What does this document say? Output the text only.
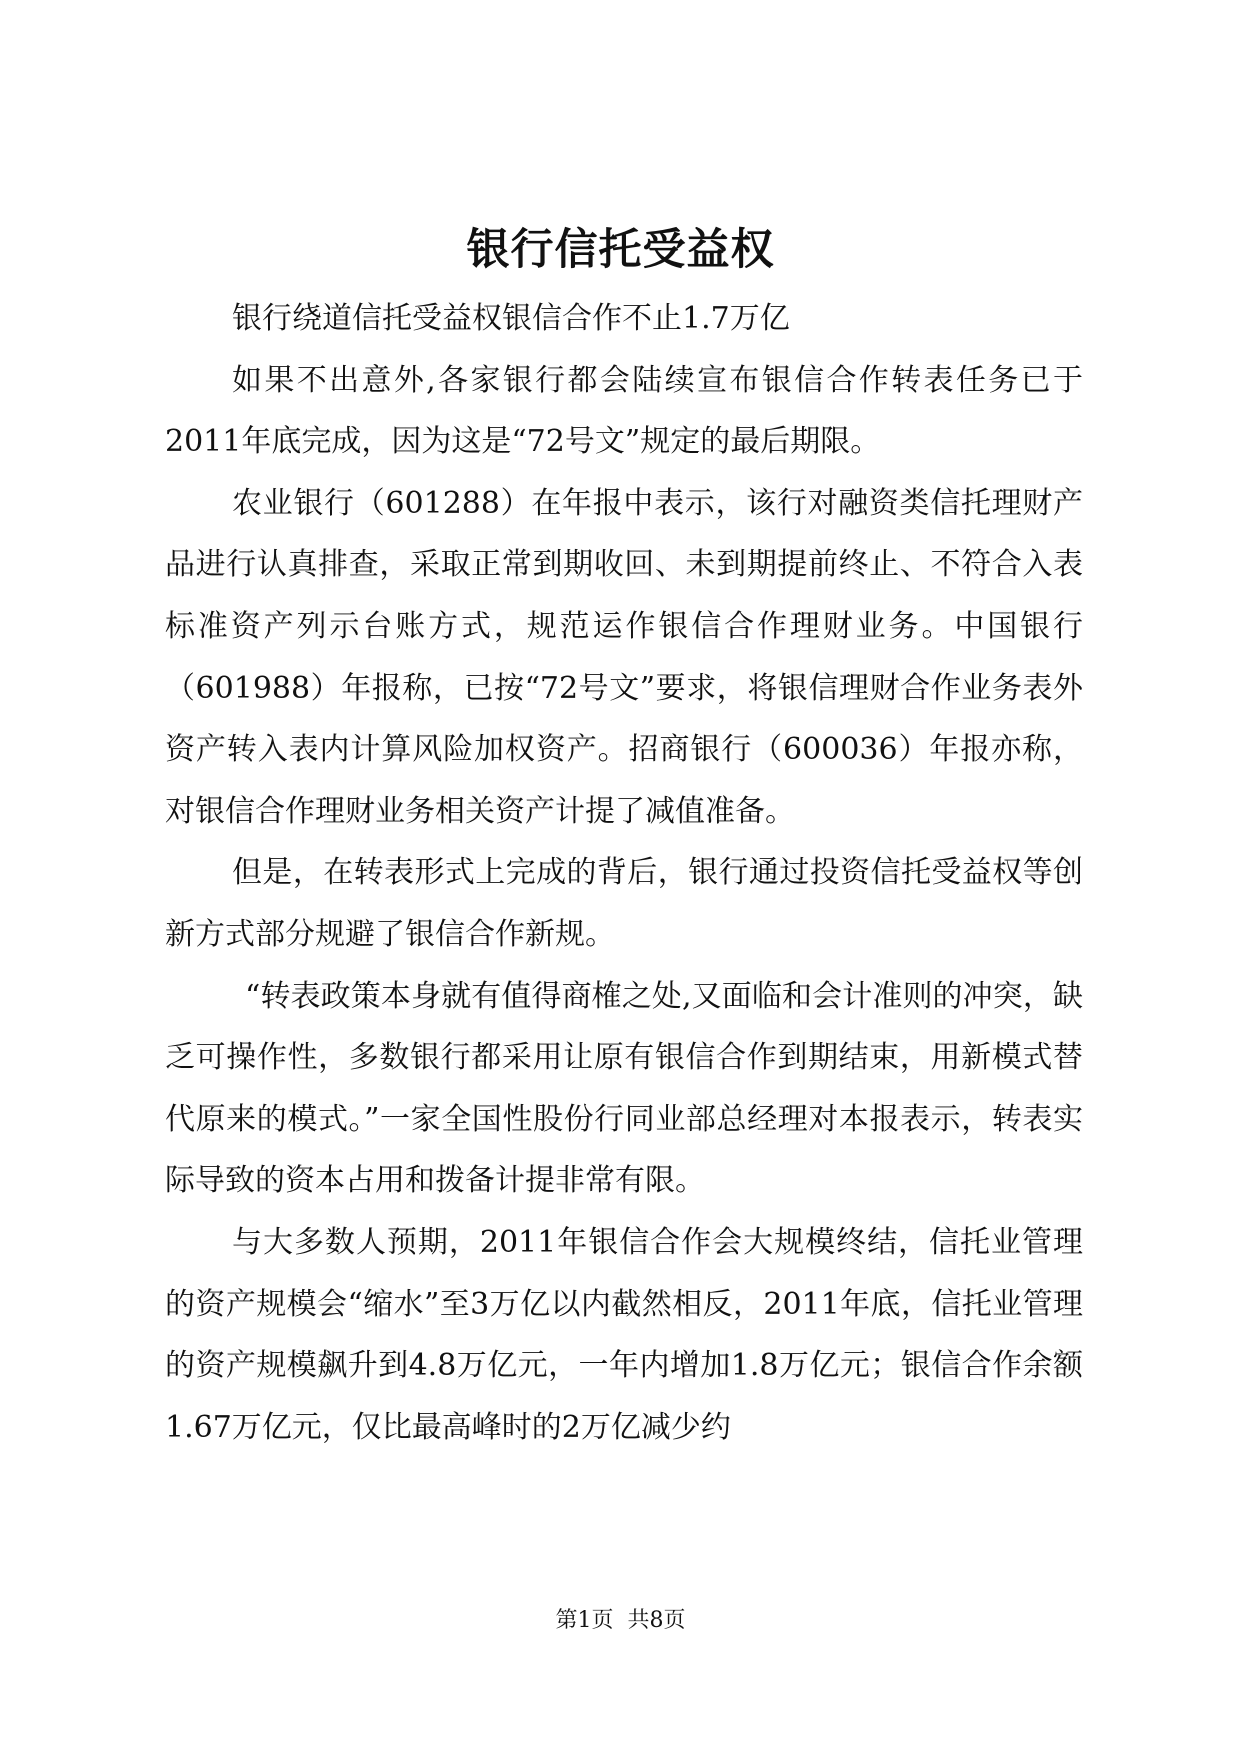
银行信托受益权

银行绕道信托受益权银信合作不止1.7万亿

如果不出意外,各家银行都会陆续宣布银信合作转表任务已于2011年底完成，因为这是“72号文”规定的最后期限。

农业银行（601288）在年报中表示，该行对融资类信托理财产品进行认真排查，采取正常到期收回、未到期提前终止、不符合入表标准资产列示台账方式，规范运作银信合作理财业务。中国银行（601988）年报称，已按“72号文”要求，将银信理财合作业务表外资产转入表内计算风险加权资产。招商银行（600036）年报亦称，对银信合作理财业务相关资产计提了减值准备。

但是，在转表形式上完成的背后，银行通过投资信托受益权等创新方式部分规避了银信合作新规。

“转表政策本身就有值得商榷之处,又面临和会计准则的冲突，缺乏可操作性，多数银行都采用让原有银信合作到期结束，用新模式替代原来的模式。”一家全国性股份行同业部总经理对本报表示，转表实际导致的资本占用和拨备计提非常有限。

与大多数人预期，2011年银信合作会大规模终结，信托业管理的资产规模会“缩水”至3万亿以内截然相反，2011年底，信托业管理的资产规模飙升到4.8万亿元，一年内增加1.8万亿元；银信合作余额1.67万亿元，仅比最高峰时的2万亿减少约

第1页  共8页
